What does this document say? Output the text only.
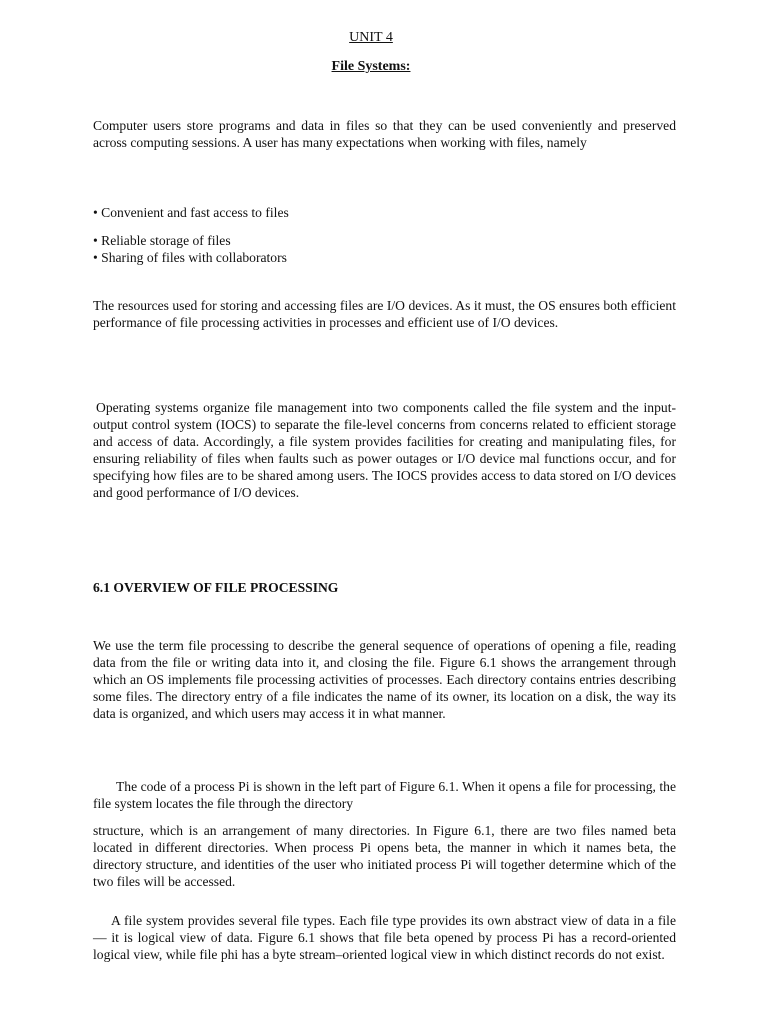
UNIT 4
File Systems:

Computer users store programs and data in files so that they can be used conveniently and preserved across computing sessions. A user has many expectations when working with files, namely

• Convenient and fast access to files

• Reliable storage of files

• Sharing of files with collaborators

The resources used for storing and accessing files are I/O devices. As it must, the OS ensures both efficient performance of file processing activities in processes and efficient use of I/O devices.

Operating systems organize file management into two components called the file system and the input-output control system (IOCS) to separate the file-level concerns from concerns related to efficient storage and access of data. Accordingly, a file system provides facilities for creating and manipulating files, for ensuring reliability of files when faults such as power outages or I/O device mal functions occur, and for specifying how files are to be shared among users. The IOCS provides access to data stored on I/O devices and good performance of I/O devices.

6.1 OVERVIEW OF FILE PROCESSING

We use the term file processing to describe the general sequence of operations of opening a file, reading data from the file or writing data into it, and closing the file. Figure 6.1 shows the arrangement through which an OS implements file processing activities of processes. Each directory contains entries describing some files. The directory entry of a file indicates the name of its owner, its location on a disk, the way its data is organized, and which users may access it in what manner.

The code of a process Pi is shown in the left part of Figure 6.1. When it opens a file for processing, the file system locates the file through the directory

structure, which is an arrangement of many directories. In Figure 6.1, there are two files named beta located in different directories. When process Pi opens beta, the manner in which it names beta, the directory structure, and identities of the user who initiated process Pi will together determine which of the two files will be accessed.

A file system provides several file types. Each file type provides its own abstract view of data in a file— it is logical view of data. Figure 6.1 shows that file beta opened by process Pi has a record-oriented logical view, while file phi has a byte stream–oriented logical view in which distinct records do not exist.
